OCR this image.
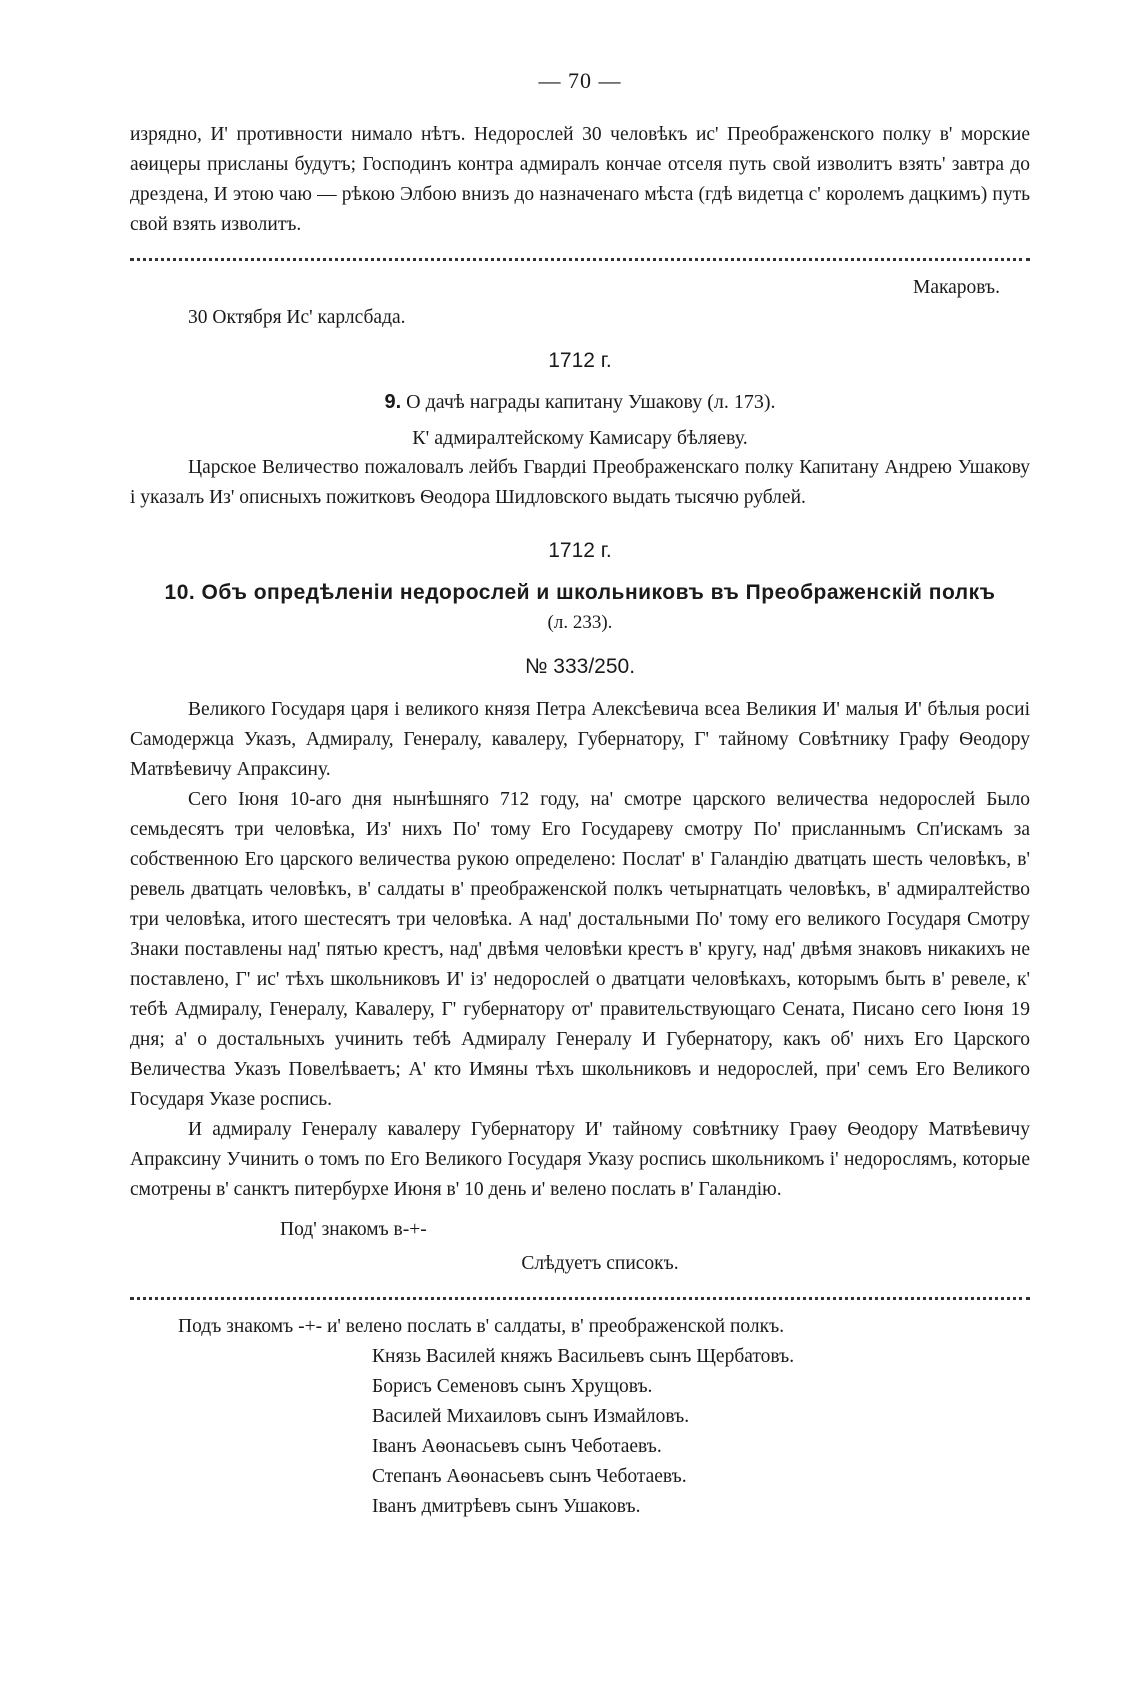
— 70 —

изрядно, И' противности нимало нѣтъ. Недорослей 30 человѣкъ ис' Преображенского полку в' морские аѳицеры присланы будутъ; Господинъ контра адмиралъ кончае отселя путь свой изволитъ взять' завтра до дрездена, И этою чаю — рѣкою Элбою внизъ до назначенаго мѣста (гдѣ видетца с' королемъ дацкимъ) путь свой взять изволитъ.

Макаровъ.

30 Октября Ис' карлсбада.

1712 г.
9. О дачѣ награды капитану Ушакову (л. 173).
К' адмиралтейскому Камисару бѣляеву.

Царское Величество пожаловалъ лейбъ Гвардиі Преображенскаго полку Капитану Андрею Ушакову і указалъ Из' описныхъ пожитковъ Ѳеодора Шидловского выдать тысячю рублей.

1712 г.
10. Объ опредѣленіи недорослей и школьниковъ въ Преображенскій полкъ
(л. 233).
№ 333/250.

Великого Государя царя і великого князя Петра Алексѣевича всеа Великия И' малыя И' бѣлыя росиі Самодержца Указъ, Адмиралу, Генералу, кавалеру, Губернатору, Г' тайному Совѣтнику Графу Ѳеодору Матвѣевичу Апраксину.

Сего Іюня 10-аго дня нынѣшняго 712 году, на' смотре царского величества недорослей Было семьдесятъ три человѣка, Из' нихъ По' тому Его Государеву смотру По' присланнымъ Сп'искамъ за собственною Его царского величества рукою определено: Послат' в' Галандію дватцать шесть человѣкъ, в' ревель дватцать человѣкъ, в' салдаты в' преображенской полкъ четырнатцать человѣкъ, в' адмиралтейство три человѣка, итого шестесятъ три человѣка. А над' достальными По' тому его великого Государя Смотру Знаки поставлены над' пятью крестъ, над' двѣмя человѣки крестъ в' кругу, над' двѣмя знаковъ никакихъ не поставлено, Г' ис' тѣхъ школьниковъ И' із' недорослей о дватцати человѣкахъ, которымъ быть в' ревеле, к' тебѣ Адмиралу, Генералу, Кавалеру, Г' губернатору от' правительствующаго Сената, Писано сего Іюня 19 дня; а' о достальныхъ учинить тебѣ Адмиралу Генералу И Губернатору, какъ об' нихъ Его Царского Величества Указъ Повелѣваетъ; А' кто Имяны тѣхъ школьниковъ и недорослей, при' семъ Его Великого Государя Указе роспись.

И адмиралу Генералу кавалеру Губернатору И' тайному совѣтнику Граѳу Ѳеодору Матвѣевичу Апраксину Учинить о томъ по Его Великого Государя Указу роспись школьникомъ і' недорослямъ, которые смотрены в' санктъ питербурхе Июня в' 10 день и' велено послать в' Галандію.

Под' знакомъ в-+-

Слѣдуетъ списокъ.

Подъ знакомъ -+- и' велено послать в' салдаты, в' преображенской полкъ.

Князь Василей княжъ Васильевъ сынъ Щербатовъ.
Борисъ Семеновъ сынъ Хрущовъ.
Василей Михаиловъ сынъ Измайловъ.
Іванъ Аѳонасьевъ сынъ Чеботаевъ.
Степанъ Аѳонасьевъ сынъ Чеботаевъ.
Іванъ дмитрѣевъ сынъ Ушаковъ.
